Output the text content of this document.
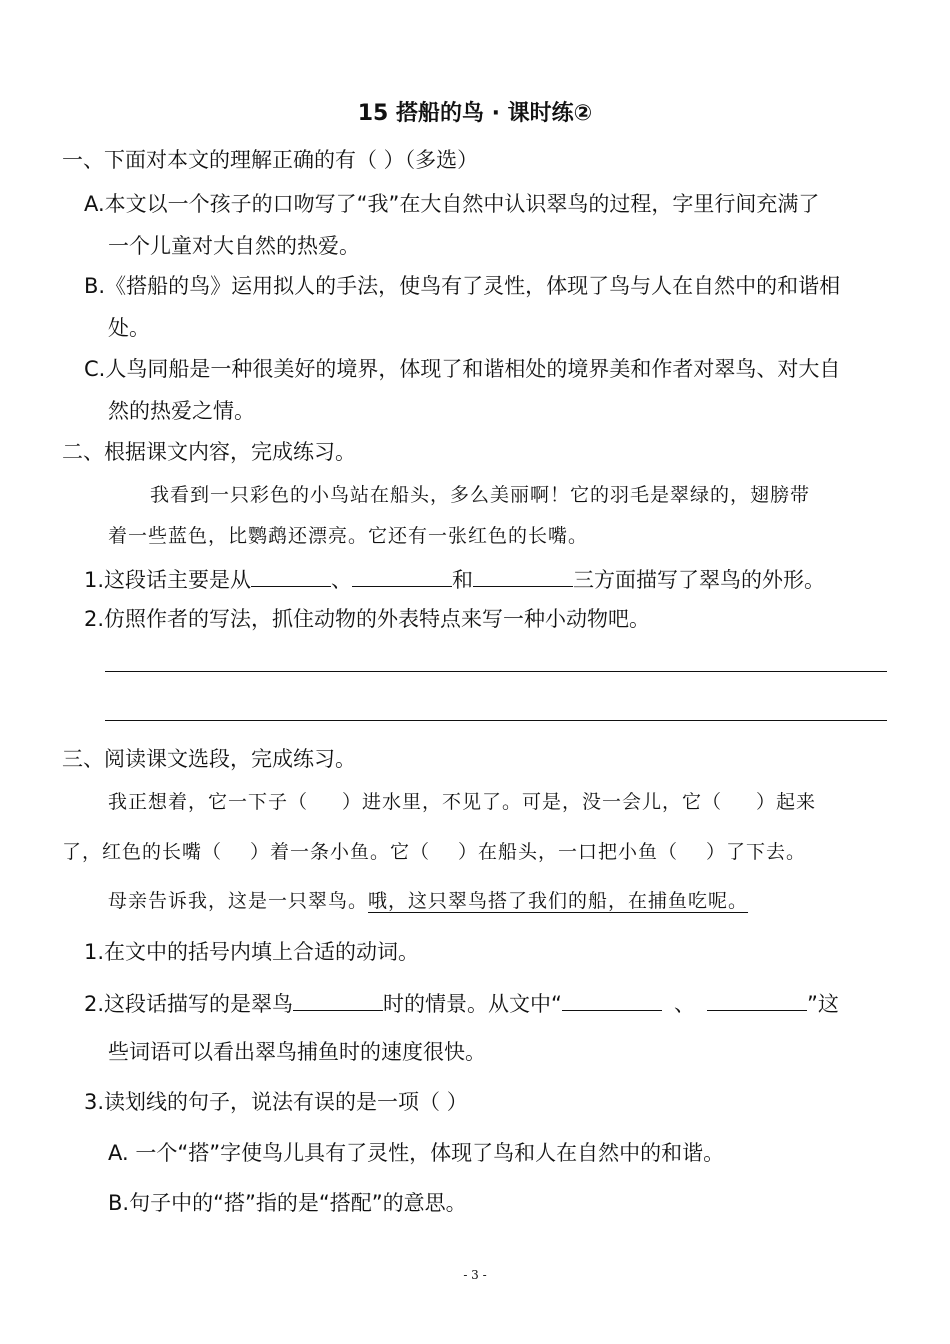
15 搭船的鸟 · 课时练②
一、下面对本文的理解正确的有（ ）（多选）
A.本文以一个孩子的口吻写了“我”在大自然中认识翠鸟的过程，字里行间充满了
一个儿童对大自然的热爱。
B.《搭船的鸟》运用拟人的手法，使鸟有了灵性，体现了鸟与人在自然中的和谐相
处。
C.人鸟同船是一种很美好的境界，体现了和谐相处的境界美和作者对翠鸟、对大自
然的热爱之情。
二、根据课文内容，完成练习。
我看到一只彩色的小鸟站在船头，多么美丽啊！它的羽毛是翠绿的，翅膀带
着一些蓝色，比鹦鹉还漂亮。它还有一张红色的长嘴。
1.这段话主要是从	、	和	三方面描写了翠鸟的外形。
2.仿照作者的写法，抓住动物的外表特点来写一种小动物吧。
三、阅读课文选段，完成练习。
我正想着，它一下子（ ）进水里，不见了。可是，没一会儿，它（ ）起来
了，红色的长嘴（ ）着一条小鱼。它（ ）在船头，一口把小鱼（ ）了下去。
母亲告诉我，这是一只翠鸟。哦，这只翠鸟搭了我们的船，在捕鱼吃呢。
1.在文中的括号内填上合适的动词。
2.这段话描写的是翠鸟	时的情景。从文中“	、	”这
些词语可以看出翠鸟捕鱼时的速度很快。
3.读划线的句子，说法有误的是一项（ ）
A. 一个“搭”字使鸟儿具有了灵性，体现了鸟和人在自然中的和谐。
B.句子中的“搭”指的是“搭配”的意思。
- 3 -
